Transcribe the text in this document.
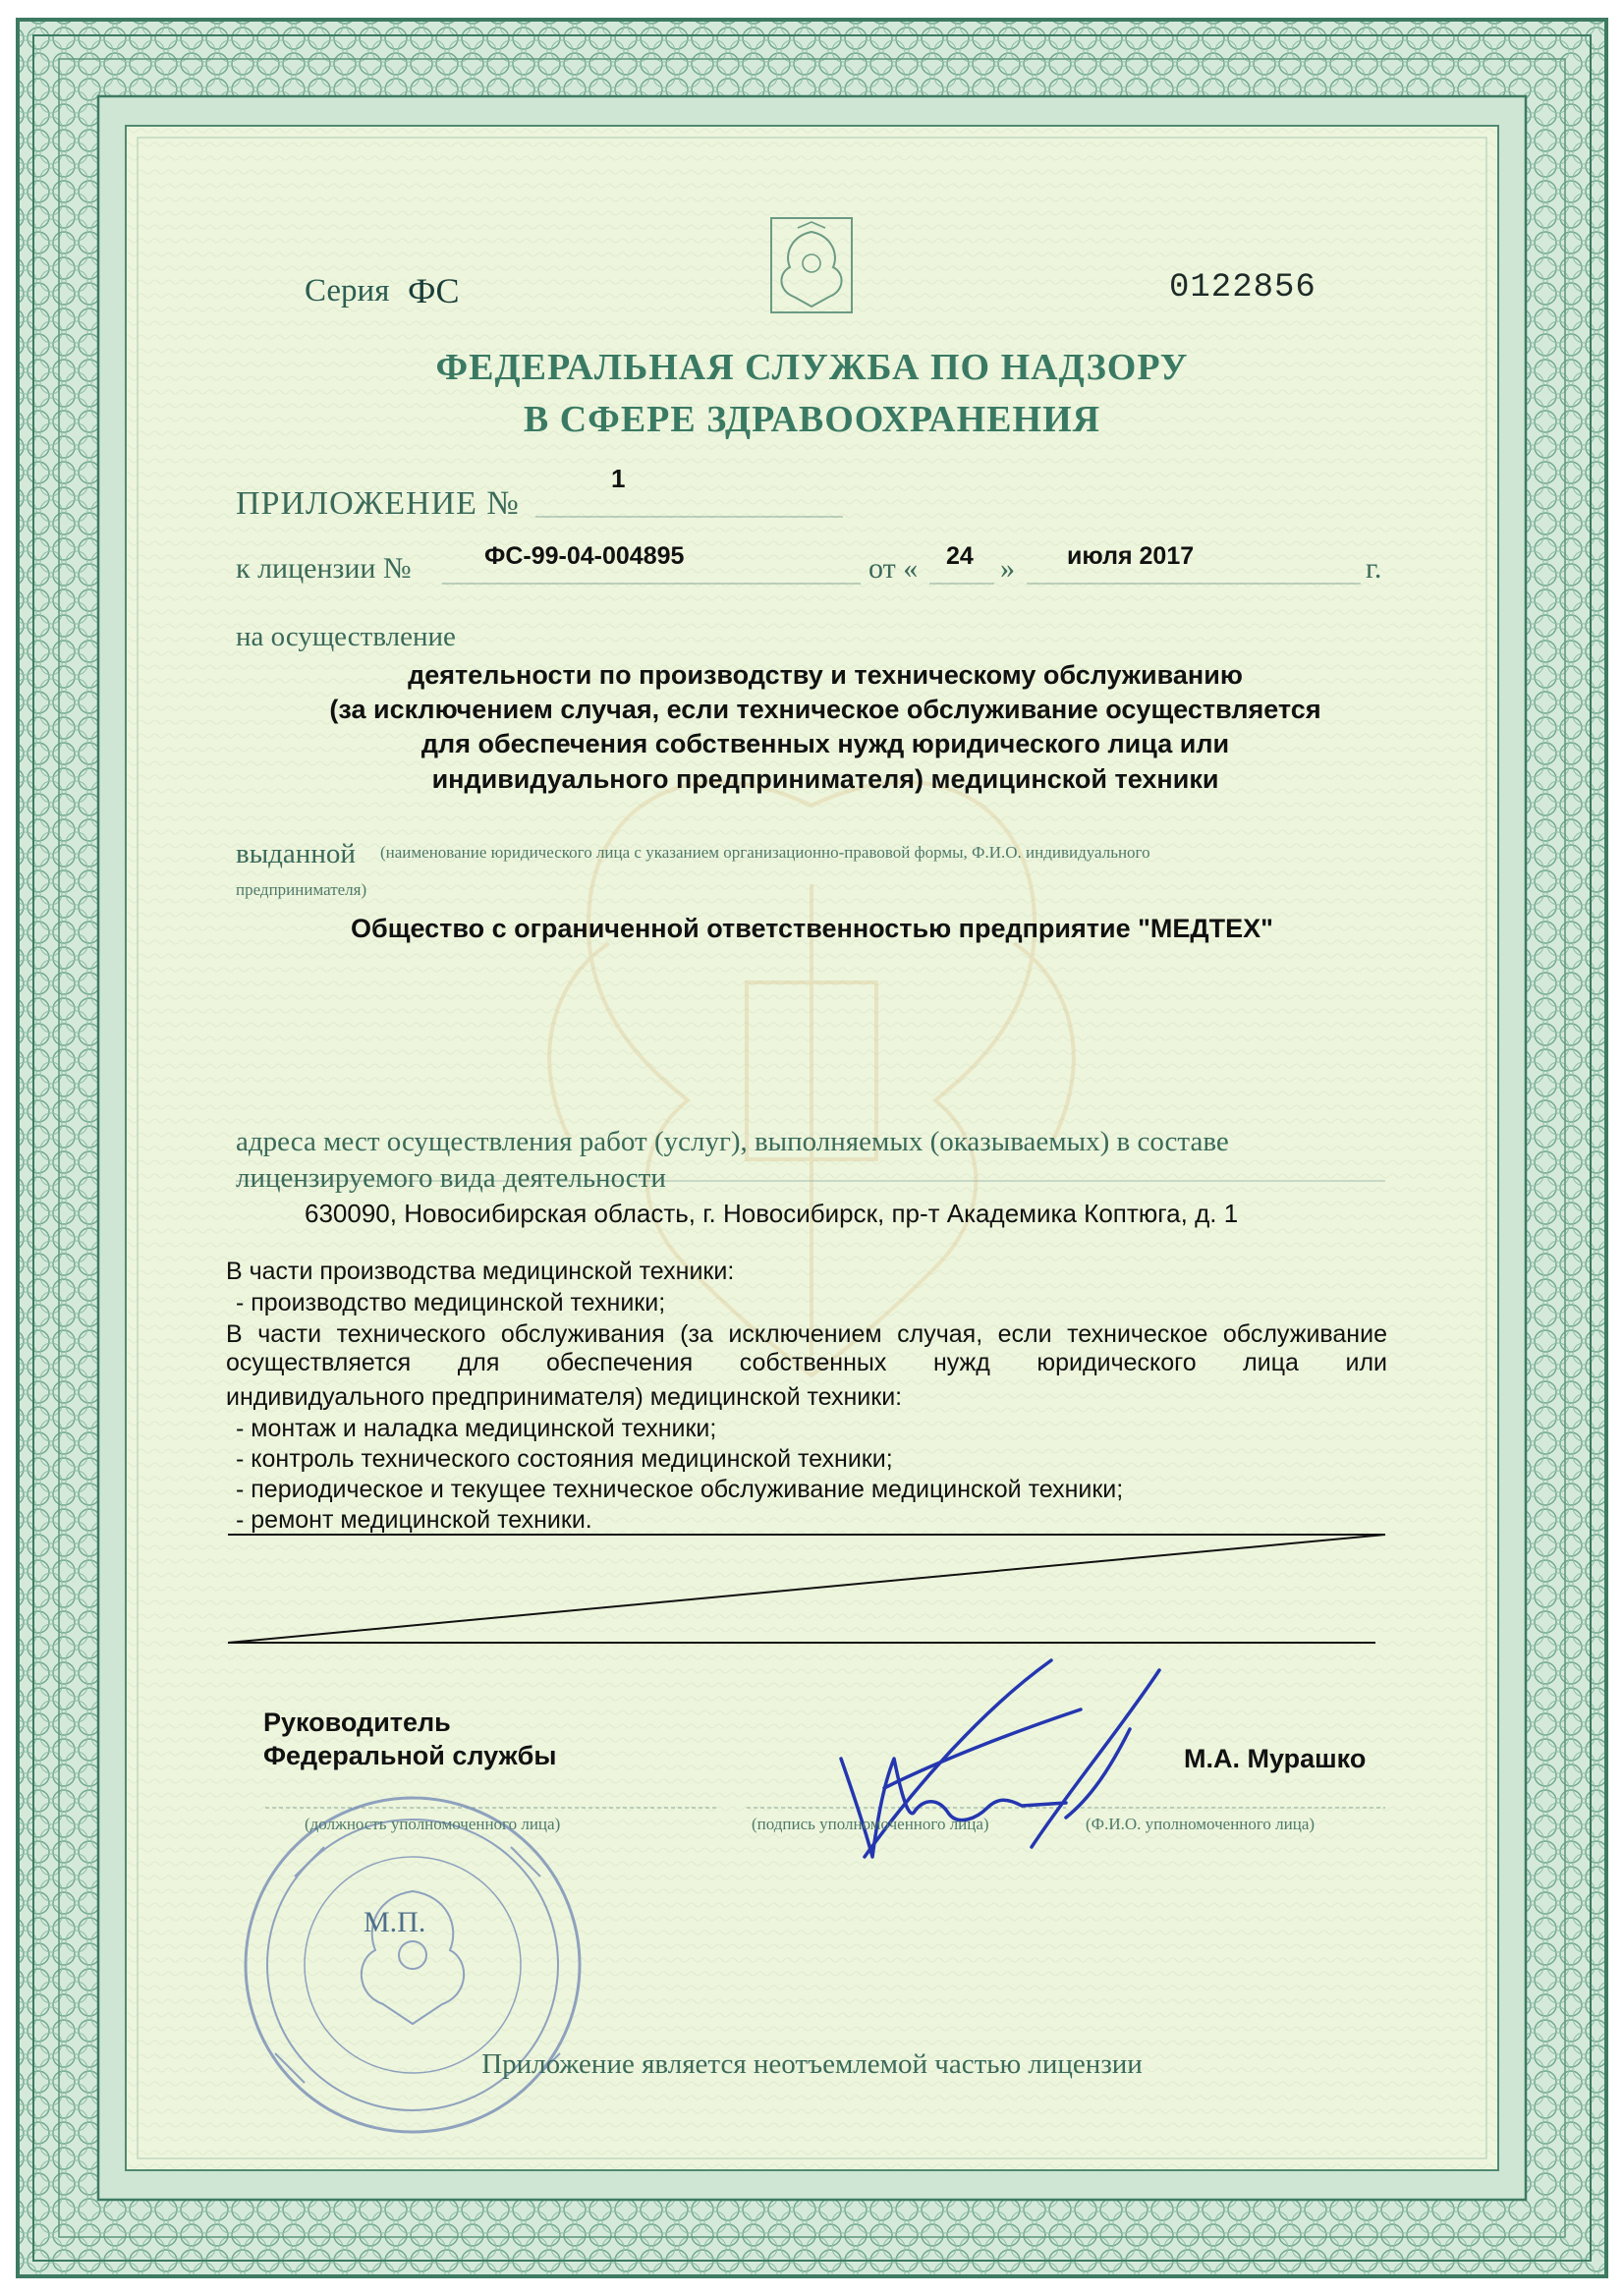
Серия ФС	0122856
ФЕДЕРАЛЬНАЯ СЛУЖБА ПО НАДЗОРУ
В СФЕРЕ ЗДРАВООХРАНЕНИЯ
ПРИЛОЖЕНИЕ №
1
к лицензии №	ФС-99-04-004895	от « 24 » июля 2017	г.
на осуществление
деятельности по производству и техническому обслуживанию
(за исключением случая, если техническое обслуживание осуществляется
для обеспечения собственных нужд юридического лица или
индивидуального предпринимателя) медицинской техники
выданной (наименование юридического лица с указанием организационно-правовой формы, Ф.И.О. индивидуального
предпринимателя)
Общество с ограниченной ответственностью предприятие "МЕДТЕХ"
адреса мест осуществления работ (услуг), выполняемых (оказываемых) в составе
лицензируемого вида деятельности
630090, Новосибирская область, г. Новосибирск, пр-т Академика Коптюга, д. 1
В части производства медицинской техники:
- производство медицинской техники;
В части технического обслуживания (за исключением случая, если техническое обслуживание осуществляется для обеспечения собственных нужд юридического лица или
индивидуального предпринимателя) медицинской техники:
- монтаж и наладка медицинской техники;
- контроль технического состояния медицинской техники;
- периодическое и текущее техническое обслуживание медицинской техники;
- ремонт медицинской техники.
Руководитель
Федеральной службы	М.А. Мурашко
(должность уполномоченного лица)	(подпись уполномоченного лица)	(Ф.И.О. уполномоченного лица)
М.П.
Приложение является неотъемлемой частью лицензии
